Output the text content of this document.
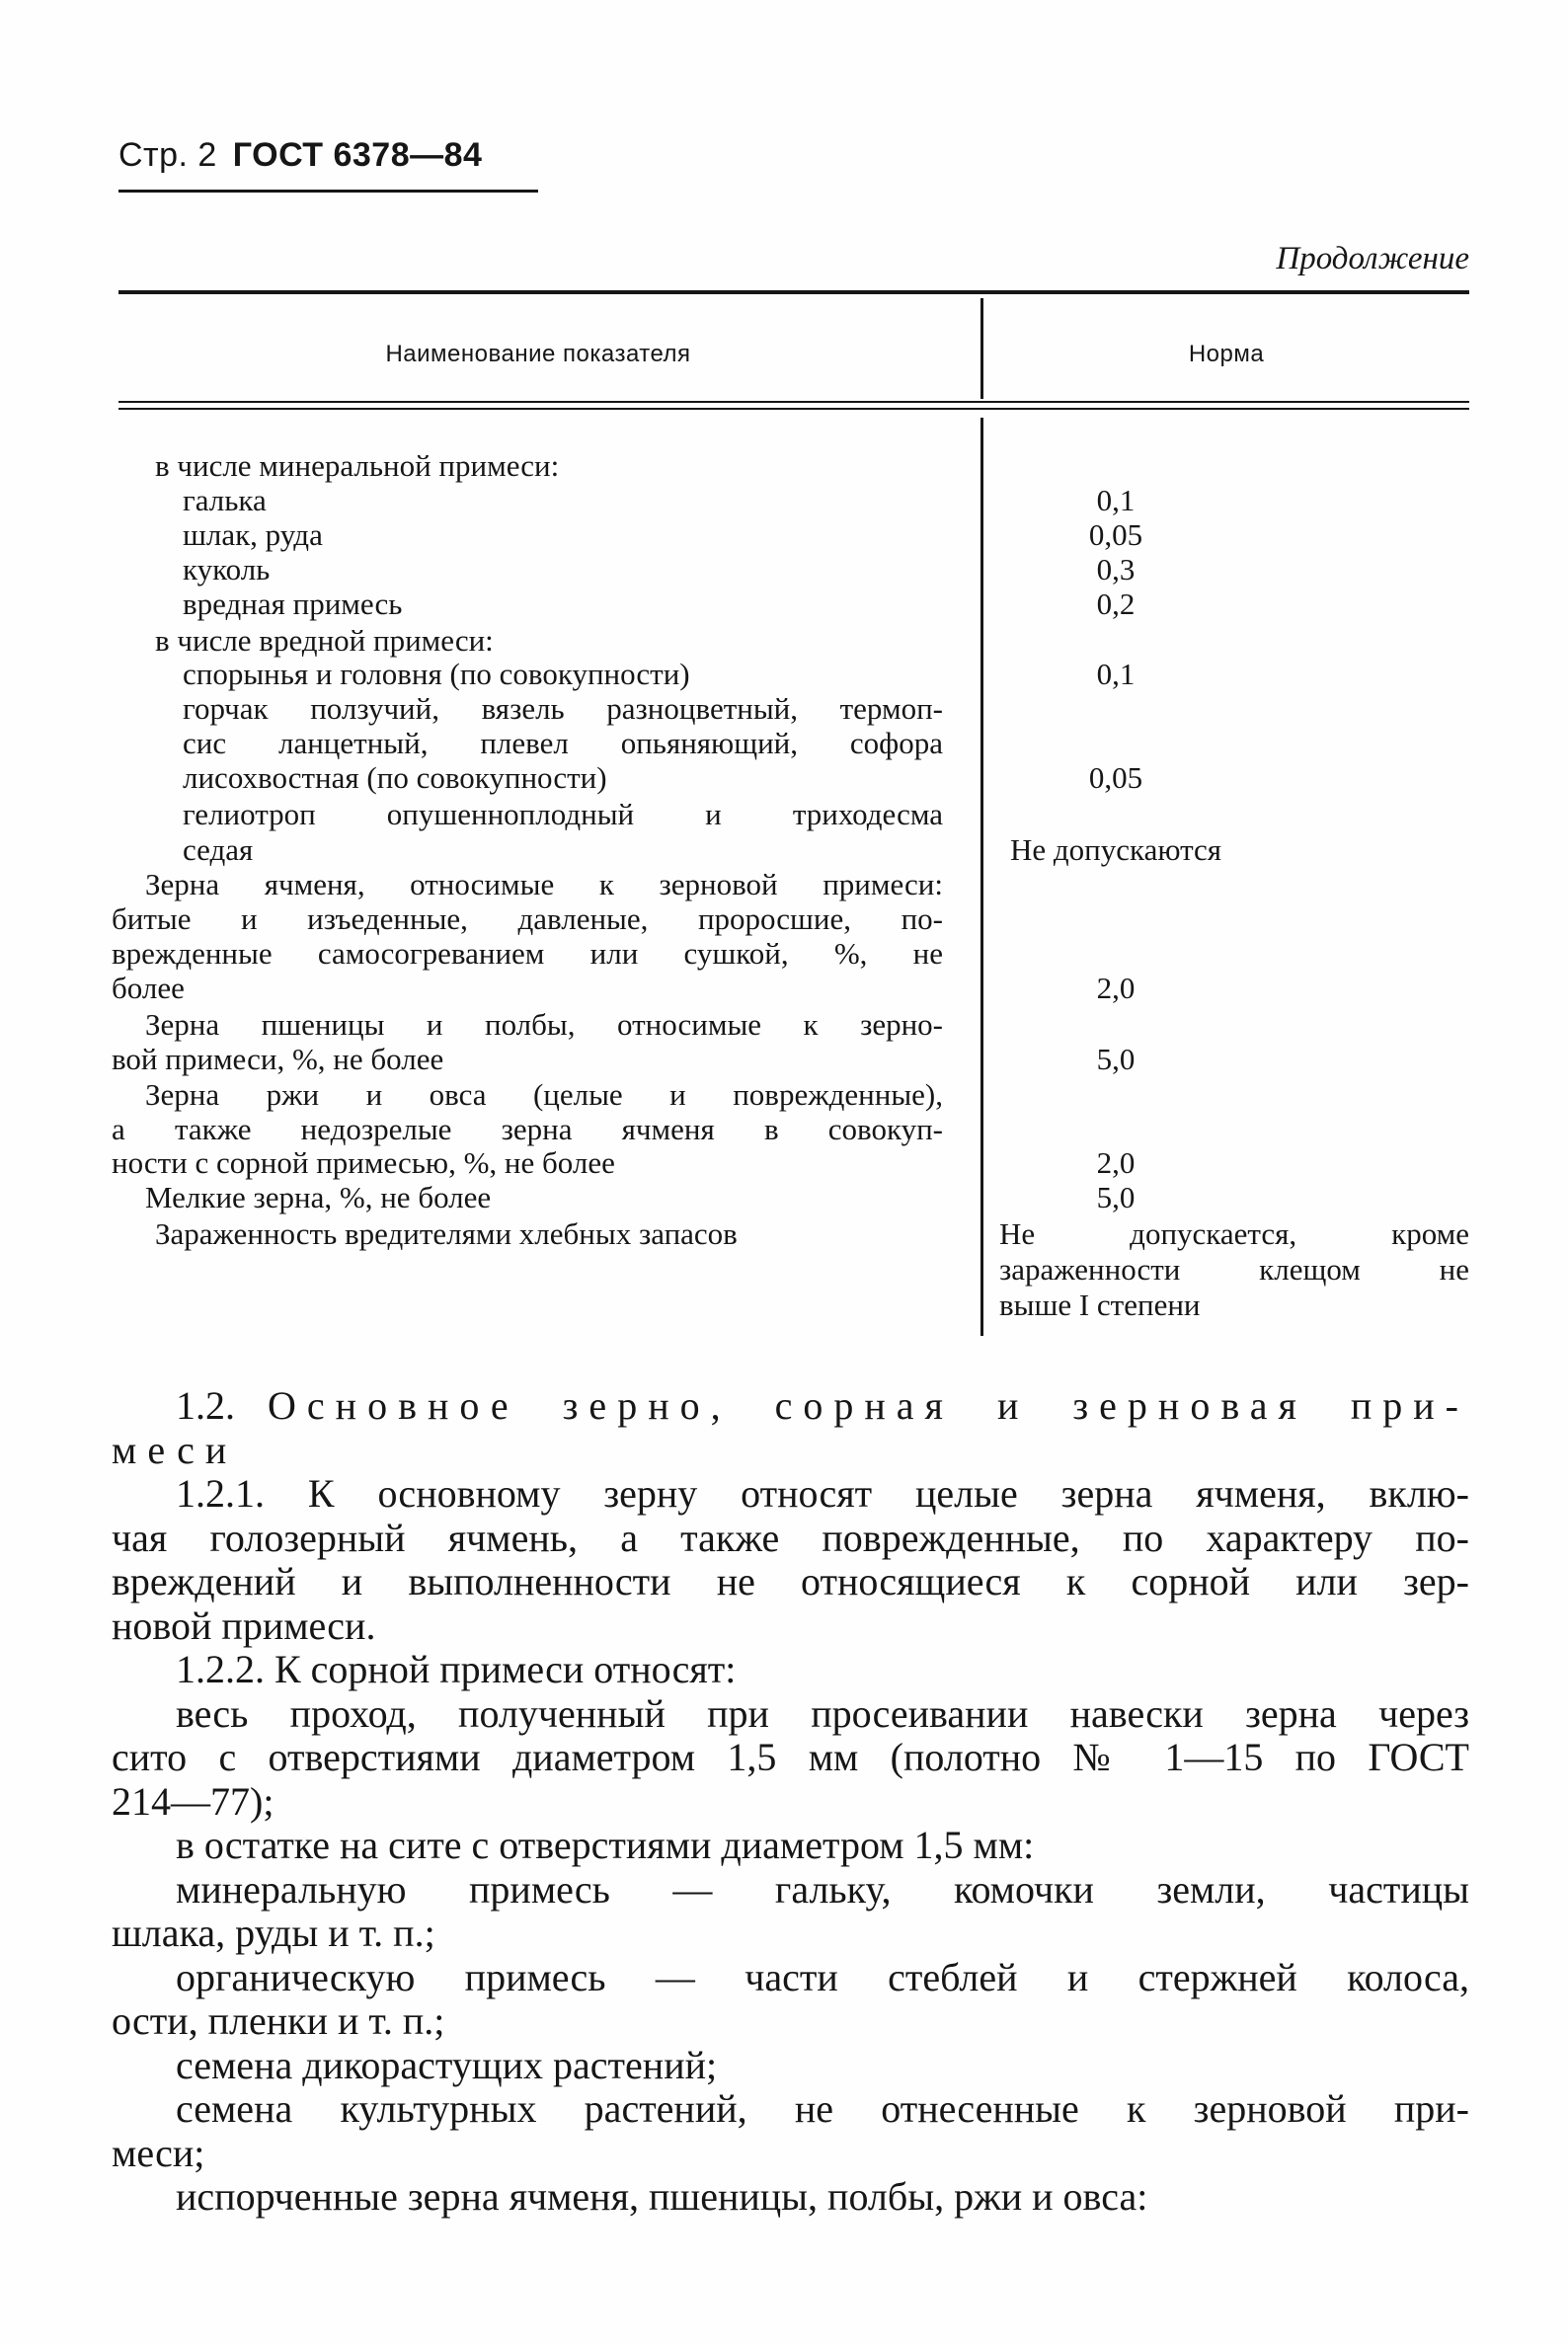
Стр. 2 ГОСТ 6378—84
Продолжение
Наименование показателя	Норма
в числе минеральной примеси:
галька	0,1
шлак, руда	0,05
куколь	0,3
вредная примесь	0,2
в числе вредной примеси:
спорынья и головня (по совокупности)	0,1
горчак ползучий, вязель разноцветный, термоп-
сис ланцетный, плевел опьяняющий, софора
лисохвостная (по совокупности)	0,05
гелиотроп опушенноплодный и триходесма
седая	Не допускаются
Зерна ячменя, относимые к зерновой примеси:
битые и изъеденные, давленые, проросшие, по-
врежденные самосогреванием или сушкой, %, не
более	2,0
Зерна пшеницы и полбы, относимые к зерно-
вой примеси, %, не более	5,0
Зерна ржи и овса (целые и поврежденные),
а также недозрелые зерна ячменя в совокуп-
ности с сорной примесью, %, не более	2,0
Мелкие зерна, %, не более	5,0
Зараженность вредителями хлебных запасов	Не допускается, кроме
зараженности клещом не
выше I степени
1.2. Основное зерно, сорная и зерновая при-
меси
1.2.1. К основному зерну относят целые зерна ячменя, вклю-
чая голозерный ячмень, а также поврежденные, по характеру по-
вреждений и выполненности не относящиеся к сорной или зер-
новой примеси.
1.2.2. К сорной примеси относят:
весь проход, полученный при просеивании навески зерна через
сито с отверстиями диаметром 1,5 мм (полотно № 1—15 по ГОСТ
214—77);
в остатке на сите с отверстиями диаметром 1,5 мм:
минеральную примесь — гальку, комочки земли, частицы
шлака, руды и т. п.;
органическую примесь — части стеблей и стержней колоса,
ости, пленки и т. п.;
семена дикорастущих растений;
семена культурных растений, не отнесенные к зерновой при-
меси;
испорченные зерна ячменя, пшеницы, полбы, ржи и овса:
